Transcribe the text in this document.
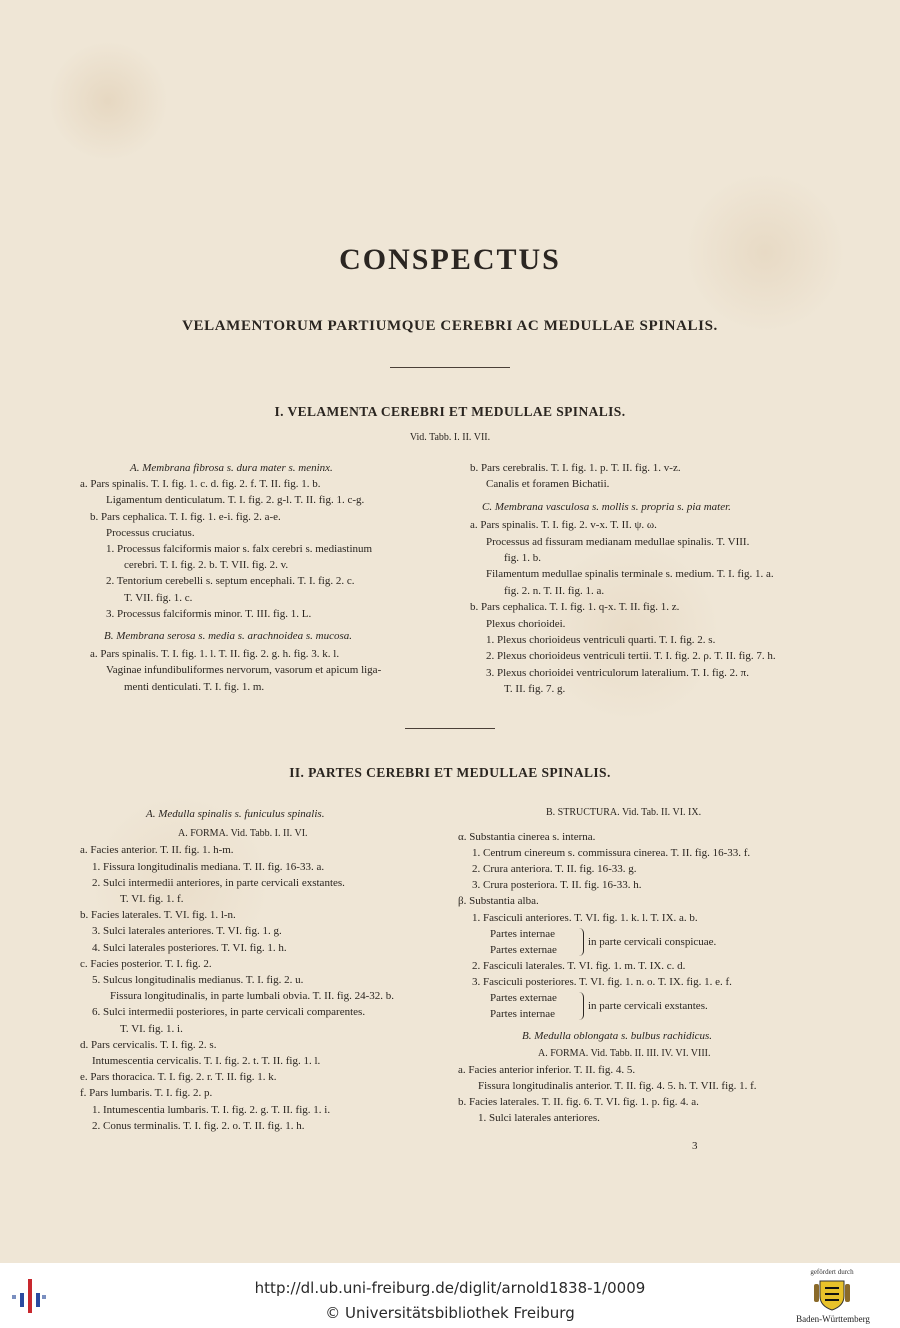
CONSPECTUS
VELAMENTORUM PARTIUMQUE CEREBRI AC MEDULLAE SPINALIS.
I. VELAMENTA CEREBRI ET MEDULLAE SPINALIS.
Vid. Tabb. I. II. VII.
A. Membrana fibrosa s. dura mater s. meninx.
a. Pars spinalis. T. I. fig. 1. c. d. fig. 2. f. T. II. fig. 1. b.
Ligamentum denticulatum. T. I. fig. 2. g-l. T. II. fig. 1. c-g.
b. Pars cephalica. T. I. fig. 1. e-i. fig. 2. a-e.
Processus cruciatus.
1. Processus falciformis maior s. falx cerebri s. mediastinum
cerebri. T. I. fig. 2. b. T. VII. fig. 2. v.
2. Tentorium cerebelli s. septum encephali. T. I. fig. 2. c.
T. VII. fig. 1. c.
3. Processus falciformis minor. T. III. fig. 1. L.
B. Membrana serosa s. media s. arachnoidea s. mucosa.
a. Pars spinalis. T. I. fig. 1. l. T. II. fig. 2. g. h. fig. 3. k. l.
Vaginae infundibuliformes nervorum, vasorum et apicum liga-
menti denticulati. T. I. fig. 1. m.
b. Pars cerebralis. T. I. fig. 1. p. T. II. fig. 1. v-z.
Canalis et foramen Bichatii.
C. Membrana vasculosa s. mollis s. propria s. pia mater.
a. Pars spinalis. T. I. fig. 2. v-x. T. II. ψ. ω.
Processus ad fissuram medianam medullae spinalis. T. VIII.
fig. 1. b.
Filamentum medullae spinalis terminale s. medium. T. I. fig. 1. a.
fig. 2. n. T. II. fig. 1. a.
b. Pars cephalica. T. I. fig. 1. q-x. T. II. fig. 1. z.
Plexus chorioidei.
1. Plexus chorioideus ventriculi quarti. T. I. fig. 2. s.
2. Plexus chorioideus ventriculi tertii. T. I. fig. 2. ρ. T. II. fig. 7. h.
3. Plexus chorioidei ventriculorum lateralium. T. I. fig. 2. π.
T. II. fig. 7. g.
II. PARTES CEREBRI ET MEDULLAE SPINALIS.
A. Medulla spinalis s. funiculus spinalis.
A. FORMA. Vid. Tabb. I. II. VI.
a. Facies anterior. T. II. fig. 1. h-m.
1. Fissura longitudinalis mediana. T. II. fig. 16-33. a.
2. Sulci intermedii anteriores, in parte cervicali exstantes.
T. VI. fig. 1. f.
b. Facies laterales. T. VI. fig. 1. l-n.
3. Sulci laterales anteriores. T. VI. fig. 1. g.
4. Sulci laterales posteriores. T. VI. fig. 1. h.
c. Facies posterior. T. I. fig. 2.
5. Sulcus longitudinalis medianus. T. I. fig. 2. u.
Fissura longitudinalis, in parte lumbali obvia. T. II. fig. 24-32. b.
6. Sulci intermedii posteriores, in parte cervicali comparentes.
T. VI. fig. 1. i.
d. Pars cervicalis. T. I. fig. 2. s.
Intumescentia cervicalis. T. I. fig. 2. t. T. II. fig. 1. l.
e. Pars thoracica. T. I. fig. 2. r. T. II. fig. 1. k.
f. Pars lumbaris. T. I. fig. 2. p.
1. Intumescentia lumbaris. T. I. fig. 2. g. T. II. fig. 1. i.
2. Conus terminalis. T. I. fig. 2. o. T. II. fig. 1. h.
B. STRUCTURA. Vid. Tab. II. VI. IX.
α. Substantia cinerea s. interna.
1. Centrum cinereum s. commissura cinerea. T. II. fig. 16-33. f.
2. Crura anteriora. T. II. fig. 16-33. g.
3. Crura posteriora. T. II. fig. 16-33. h.
β. Substantia alba.
1. Fasciculi anteriores. T. VI. fig. 1. k. l. T. IX. a. b.
Partes internae
Partes externae
in parte cervicali conspicuae.
2. Fasciculi laterales. T. VI. fig. 1. m. T. IX. c. d.
3. Fasciculi posteriores. T. VI. fig. 1. n. o. T. IX. fig. 1. e. f.
Partes externae
Partes internae
in parte cervicali exstantes.
B. Medulla oblongata s. bulbus rachidicus.
A. FORMA. Vid. Tabb. II. III. IV. VI. VIII.
a. Facies anterior inferior. T. II. fig. 4. 5.
Fissura longitudinalis anterior. T. II. fig. 4. 5. h. T. VII. fig. 1. f.
b. Facies laterales. T. II. fig. 6. T. VI. fig. 1. p. fig. 4. a.
1. Sulci laterales anteriores.
3
http://dl.ub.uni-freiburg.de/diglit/arnold1838-1/0009
© Universitätsbibliothek Freiburg
gefördert durch
Baden-Württemberg
